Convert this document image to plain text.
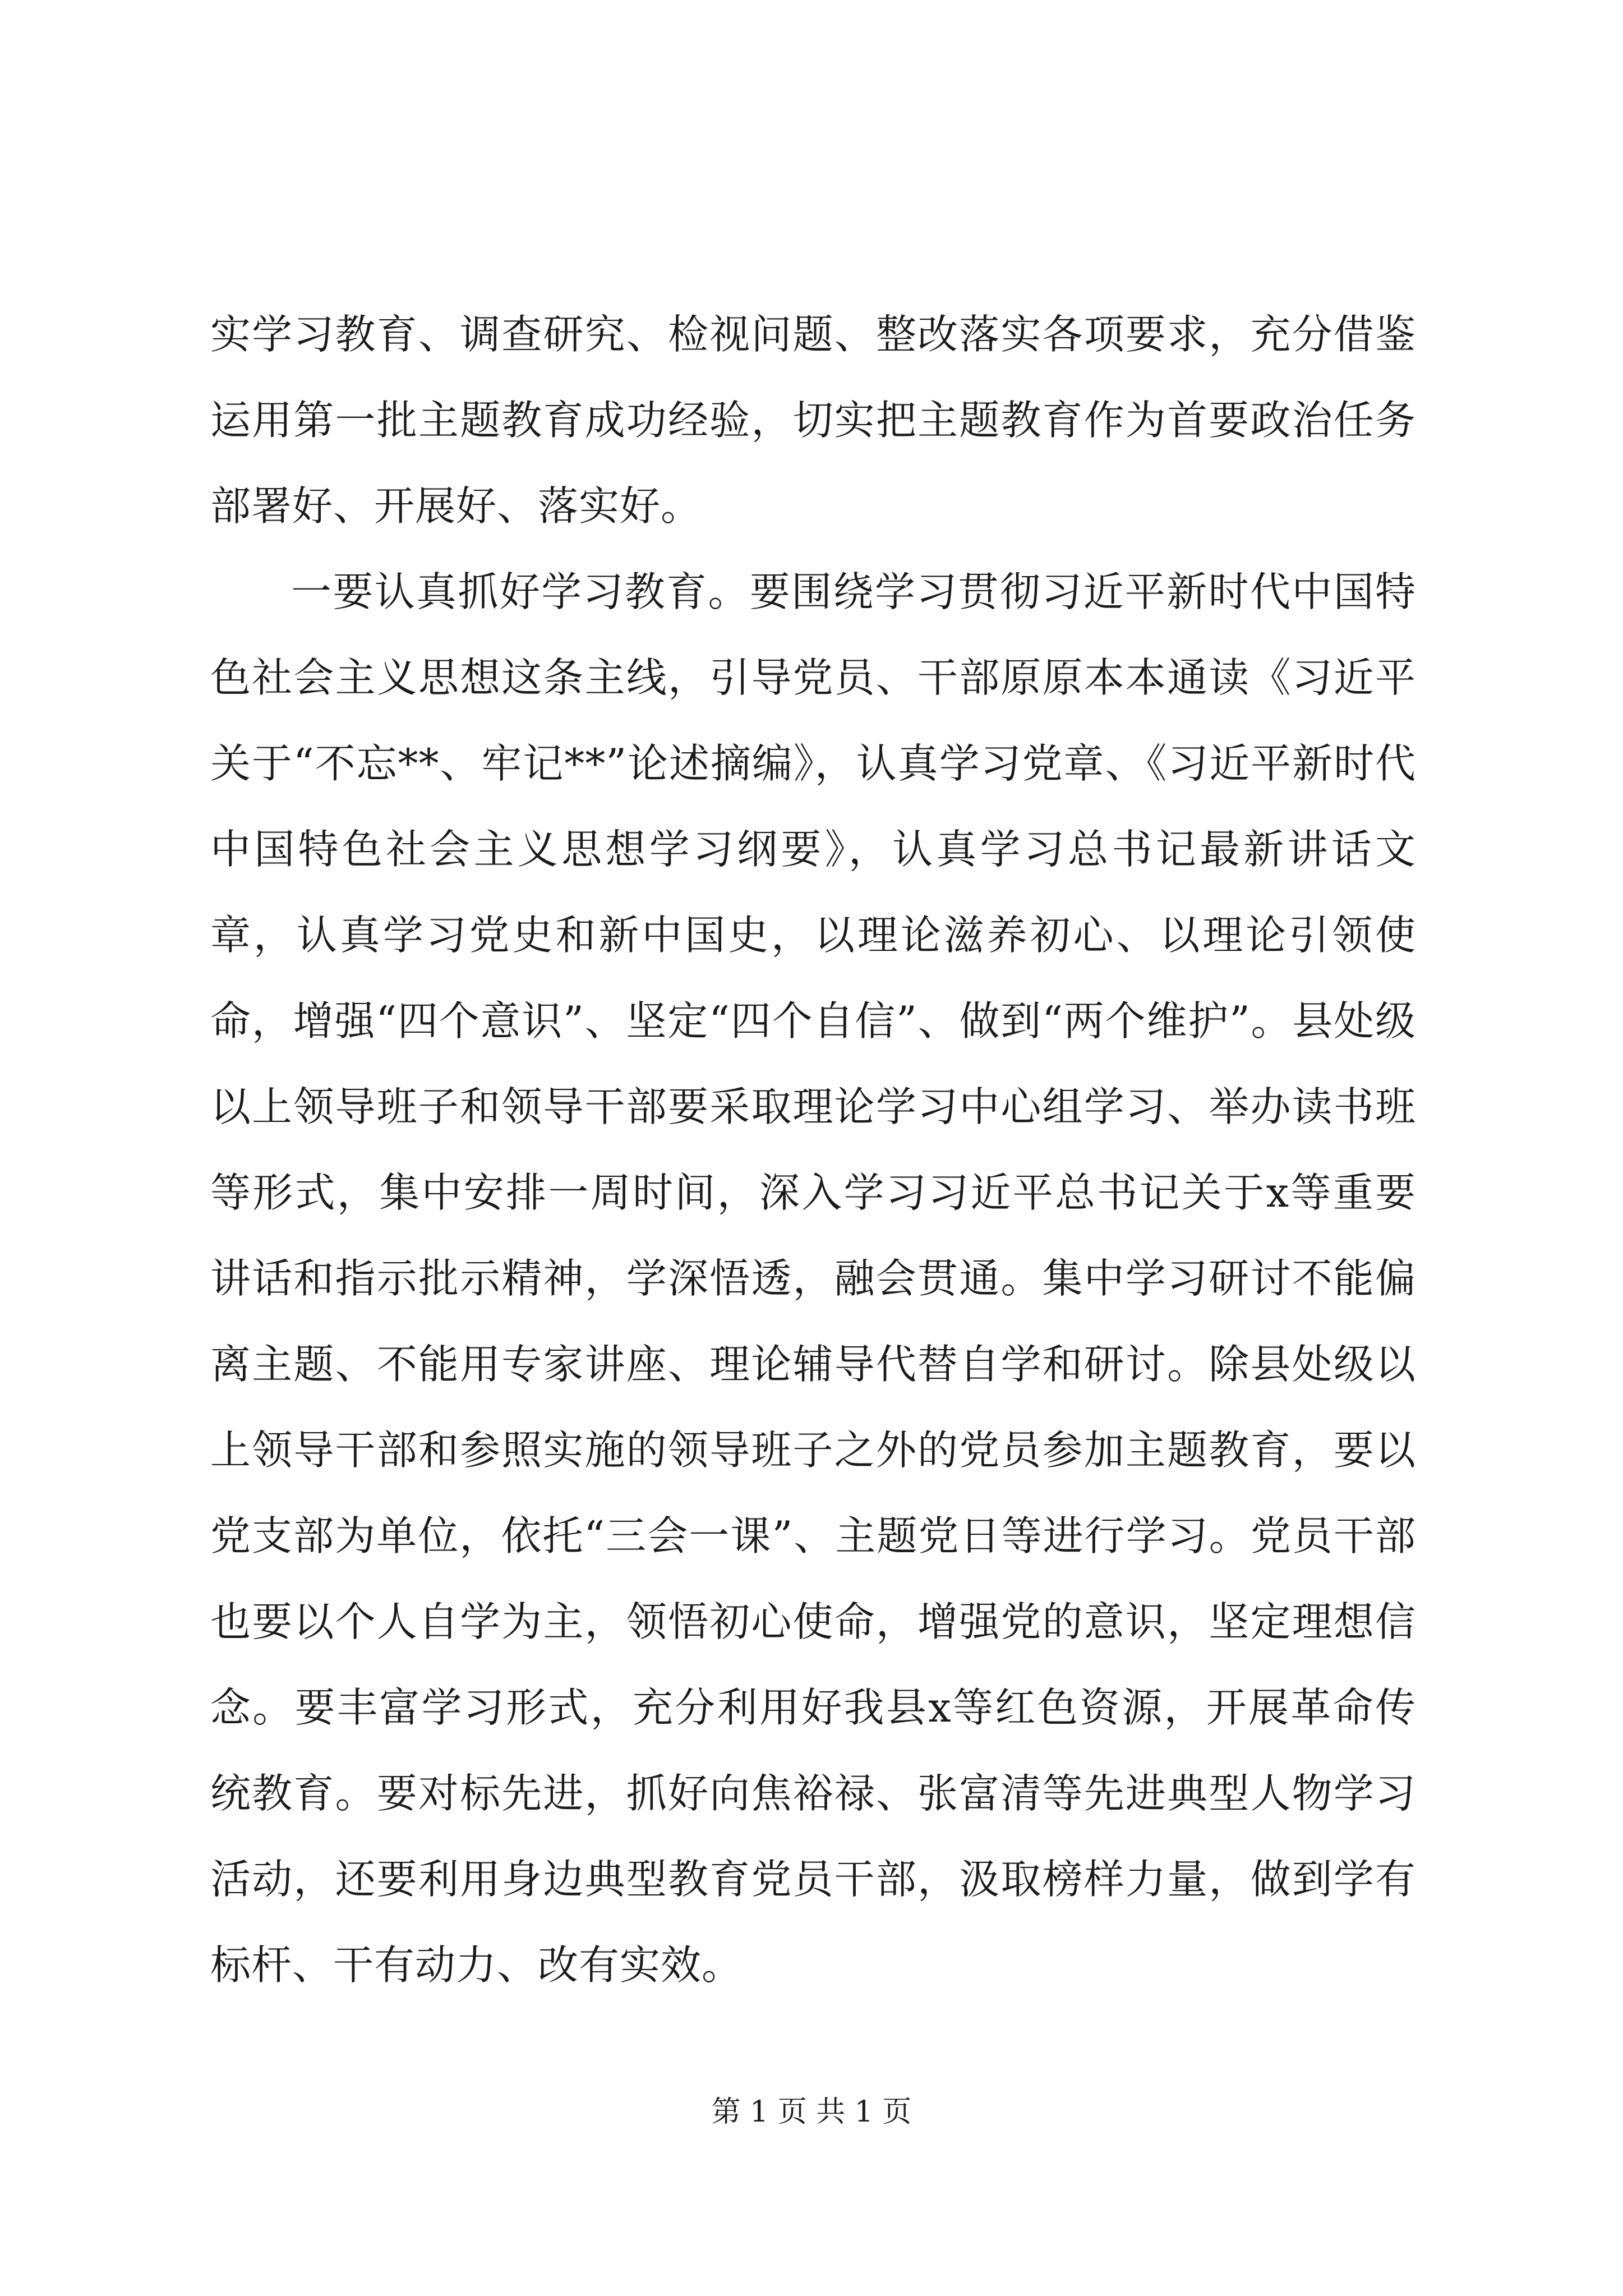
实学习教育、调查研究、检视问题、整改落实各项要求，充分借鉴运用第一批主题教育成功经验，切实把主题教育作为首要政治任务部署好、开展好、落实好。

一要认真抓好学习教育。要围绕学习贯彻习近平新时代中国特色社会主义思想这条主线，引导党员、干部原原本本通读《习近平关于“不忘**、牢记**”论述摘编》，认真学习党章、《习近平新时代中国特色社会主义思想学习纲要》，认真学习总书记最新讲话文章，认真学习党史和新中国史，以理论滋养初心、以理论引领使命，增强“四个意识”、坚定“四个自信”、做到“两个维护”。县处级以上领导班子和领导干部要采取理论学习中心组学习、举办读书班等形式，集中安排一周时间，深入学习习近平总书记关于x等重要讲话和指示批示精神，学深悟透，融会贯通。集中学习研讨不能偏离主题、不能用专家讲座、理论辅导代替自学和研讨。除县处级以上领导干部和参照实施的领导班子之外的党员参加主题教育，要以党支部为单位，依托“三会一课”、主题党日等进行学习。党员干部也要以个人自学为主，领悟初心使命，增强党的意识，坚定理想信念。要丰富学习形式，充分利用好我县x等红色资源，开展革命传统教育。要对标先进，抓好向焦裕禄、张富清等先进典型人物学习活动，还要利用身边典型教育党员干部，汲取榜样力量，做到学有标杆、干有动力、改有实效。

第 1 页 共 1 页
